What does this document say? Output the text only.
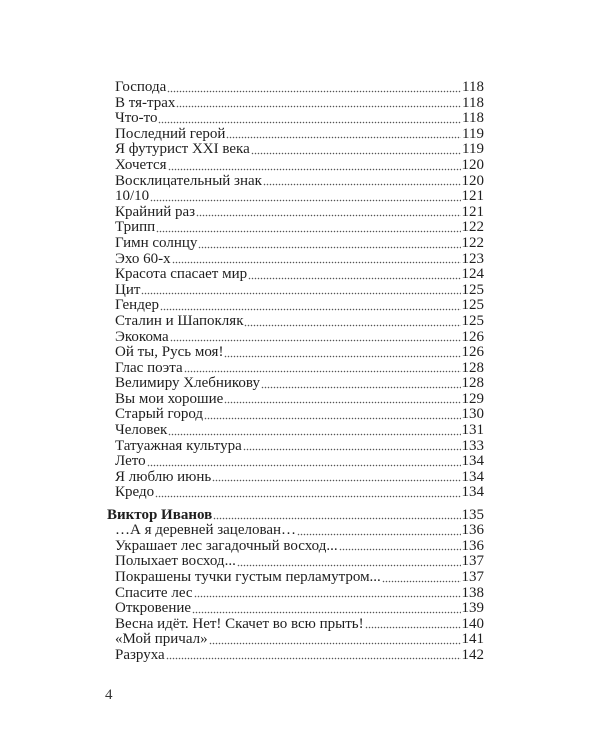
Господа	118
В тя-трах	118
Что-то	118
Последний герой	119
Я футурист XXI века	119
Хочется	120
Восклицательный знак	120
10/10	121
Крайний раз	121
Трипп	122
Гимн солнцу	122
Эхо 60-х	123
Красота спасает мир	124
Цит	125
Гендер	125
Сталин и Шапокляк	125
Экокома	126
Ой ты, Русь моя!	126
Глас поэта	128
Велимиру Хлебникову	128
Вы мои хорошие	129
Старый город	130
Человек	131
Татуажная культура	133
Лето	134
Я люблю июнь	134
Кредо	134
Виктор Иванов	135
…А я деревней зацелован…	136
Украшает лес загадочный восход...	136
Полыхает восход...	137
Покрашены тучки густым перламутром...	137
Спасите лес	138
Откровение	139
Весна идёт. Нет! Скачет во всю прыть!	140
«Мой причал»	141
Разруха	142
4
